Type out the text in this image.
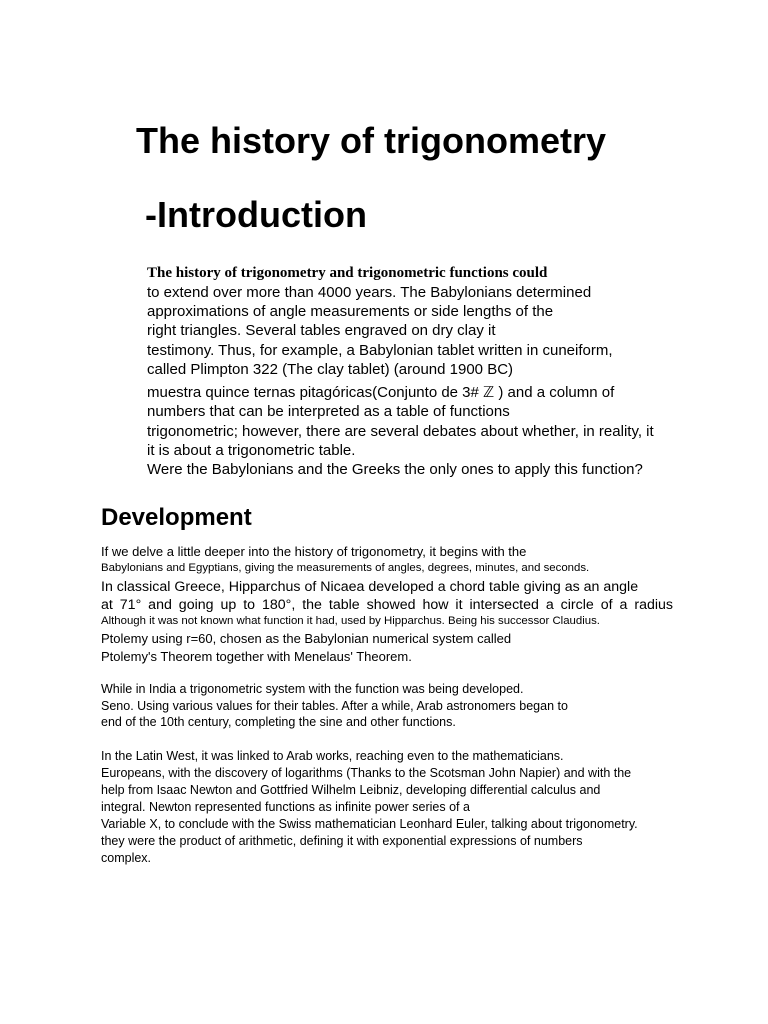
The history of trigonometry
-Introduction

The history of trigonometry and trigonometric functions could

to extend over more than 4000 years. The Babylonians determined

approximations of angle measurements or side lengths of the

right triangles. Several tables engraved on dry clay it

testimony. Thus, for example, a Babylonian tablet written in cuneiform,

called Plimpton 322 (The clay tablet) (around 1900 BC)

muestra quince ternas pitagóricas(Conjunto de 3# ℤ ) and a column of

numbers that can be interpreted as a table of functions

trigonometric; however, there are several debates about whether, in reality, it

it is about a trigonometric table.

Were the Babylonians and the Greeks the only ones to apply this function?

Development

If we delve a little deeper into the history of trigonometry, it begins with the

Babylonians and Egyptians, giving the measurements of angles, degrees, minutes, and seconds.

In classical Greece, Hipparchus of Nicaea developed a chord table giving as an angle

at 71° and going up to 180°, the table showed how it intersected a circle of a radius

Although it was not known what function it had, used by Hipparchus. Being his successor Claudius.

Ptolemy using r=60, chosen as the Babylonian numerical system called

Ptolemy's Theorem together with Menelaus' Theorem.

While in India a trigonometric system with the function was being developed.

Seno. Using various values for their tables. After a while, Arab astronomers began to

end of the 10th century, completing the sine and other functions.

In the Latin West, it was linked to Arab works, reaching even to the mathematicians.

Europeans, with the discovery of logarithms (Thanks to the Scotsman John Napier) and with the

help from Isaac Newton and Gottfried Wilhelm Leibniz, developing differential calculus and

integral. Newton represented functions as infinite power series of a

Variable X, to conclude with the Swiss mathematician Leonhard Euler, talking about trigonometry.

they were the product of arithmetic, defining it with exponential expressions of numbers

complex.
